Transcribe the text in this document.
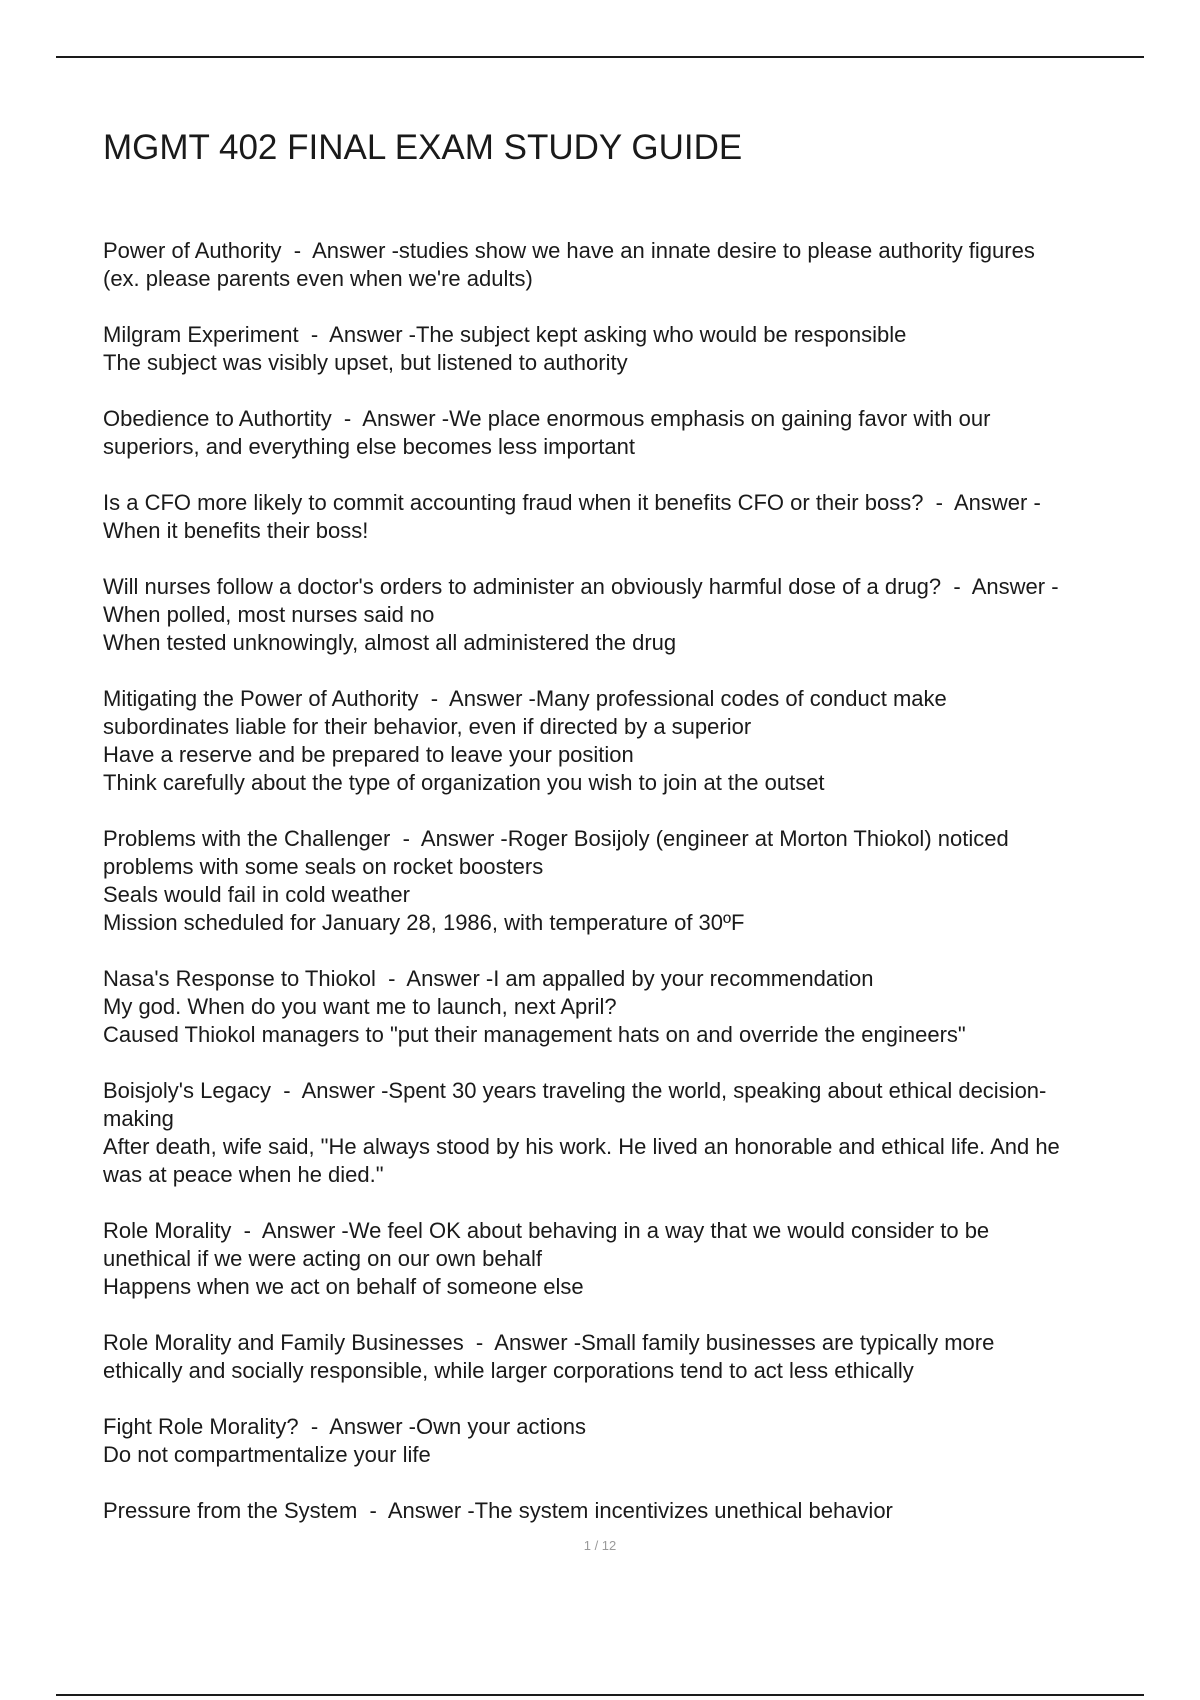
MGMT 402 FINAL EXAM STUDY GUIDE
Power of Authority  -  Answer -studies show we have an innate desire to please authority figures
(ex. please parents even when we're adults)
Milgram Experiment  -  Answer -The subject kept asking who would be responsible
The subject was visibly upset, but listened to authority
Obedience to Authortity  -  Answer -We place enormous emphasis on gaining favor with our
superiors, and everything else becomes less important
Is a CFO more likely to commit accounting fraud when it benefits CFO or their boss?  -  Answer -
When it benefits their boss!
Will nurses follow a doctor's orders to administer an obviously harmful dose of a drug?  -  Answer -
When polled, most nurses said no
When tested unknowingly, almost all administered the drug
Mitigating the Power of Authority  -  Answer -Many professional codes of conduct make
subordinates liable for their behavior, even if directed by a superior
Have a reserve and be prepared to leave your position
Think carefully about the type of organization you wish to join at the outset
Problems with the Challenger  -  Answer -Roger Bosijoly (engineer at Morton Thiokol) noticed
problems with some seals on rocket boosters
Seals would fail in cold weather
Mission scheduled for January 28, 1986, with temperature of 30ºF
Nasa's Response to Thiokol  -  Answer -I am appalled by your recommendation
My god. When do you want me to launch, next April?
Caused Thiokol managers to "put their management hats on and override the engineers"
Boisjoly's Legacy  -  Answer -Spent 30 years traveling the world, speaking about ethical decision-
making
After death, wife said, "He always stood by his work. He lived an honorable and ethical life. And he
was at peace when he died."
Role Morality  -  Answer -We feel OK about behaving in a way that we would consider to be
unethical if we were acting on our own behalf
Happens when we act on behalf of someone else
Role Morality and Family Businesses  -  Answer -Small family businesses are typically more
ethically and socially responsible, while larger corporations tend to act less ethically
Fight Role Morality?  -  Answer -Own your actions
Do not compartmentalize your life
Pressure from the System  -  Answer -The system incentivizes unethical behavior
1 / 12
